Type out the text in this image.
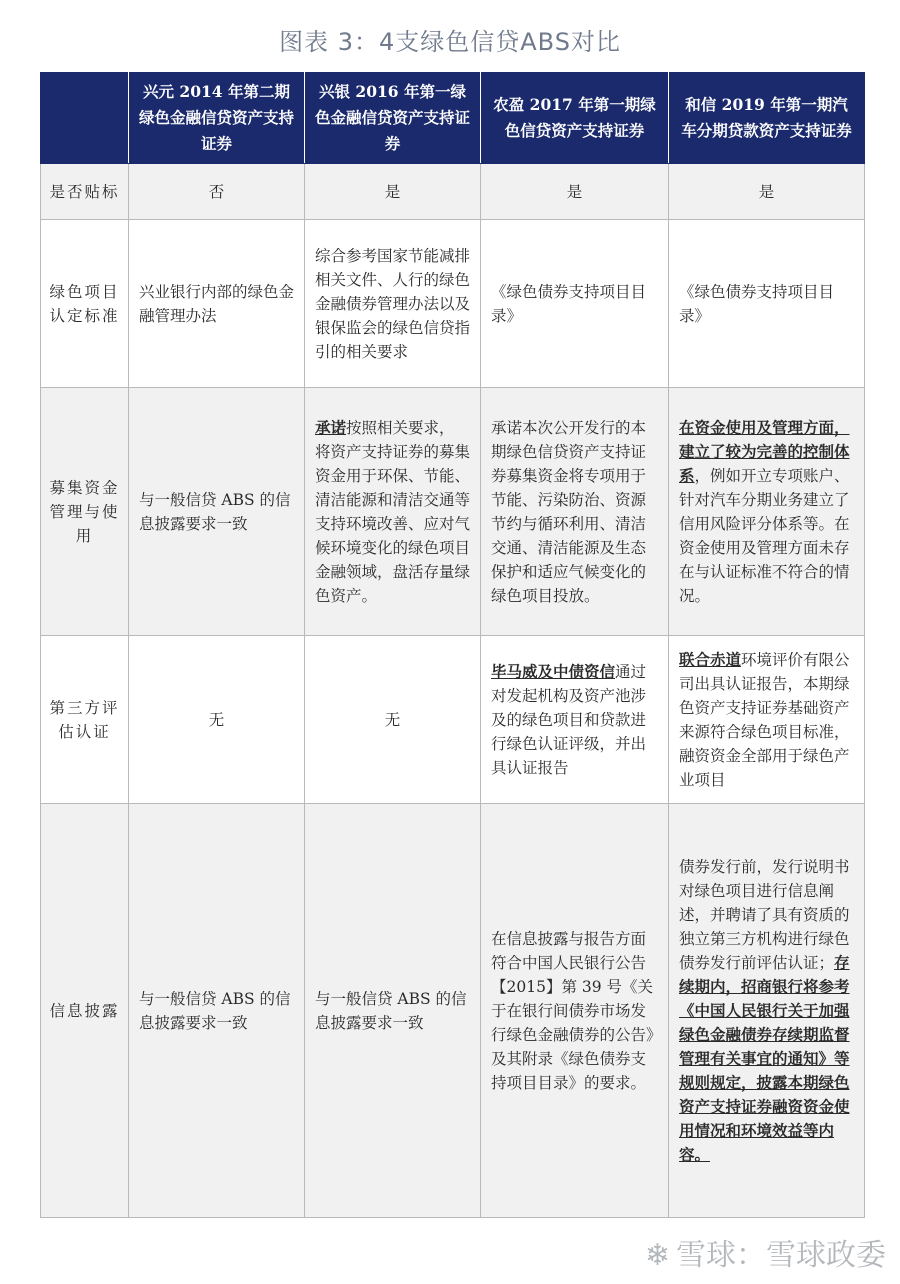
图表 3：4支绿色信贷ABS对比
	兴元 2014 年第二期绿色金融信贷资产支持证券	兴银 2016 年第一绿色金融信贷资产支持证券	农盈 2017 年第一期绿色信贷资产支持证券	和信 2019 年第一期汽车分期贷款资产支持证券
是否贴标	否	是	是	是
绿色项目认定标准	兴业银行内部的绿色金融管理办法	综合参考国家节能减排相关文件、人行的绿色金融债券管理办法以及银保监会的绿色信贷指引的相关要求	《绿色债券支持项目目录》	《绿色债券支持项目目录》
募集资金管理与使用	与一般信贷 ABS 的信息披露要求一致	承诺按照相关要求，将资产支持证券的募集资金用于环保、节能、清洁能源和清洁交通等支持环境改善、应对气候环境变化的绿色项目金融领域，盘活存量绿色资产。	承诺本次公开发行的本期绿色信贷资产支持证券募集资金将专项用于节能、污染防治、资源节约与循环利用、清洁交通、清洁能源及生态保护和适应气候变化的绿色项目投放。	在资金使用及管理方面，建立了较为完善的控制体系，例如开立专项账户、针对汽车分期业务建立了信用风险评分体系等。在资金使用及管理方面未存在与认证标准不符合的情况。
第三方评估认证	无	无	毕马威及中债资信通过对发起机构及资产池涉及的绿色项目和贷款进行绿色认证评级，并出具认证报告	联合赤道环境评价有限公司出具认证报告，本期绿色资产支持证券基础资产来源符合绿色项目标准，融资资金全部用于绿色产业项目
信息披露	与一般信贷 ABS 的信息披露要求一致	与一般信贷 ABS 的信息披露要求一致	在信息披露与报告方面符合中国人民银行公告【2015】第 39 号《关于在银行间债券市场发行绿色金融债券的公告》及其附录《绿色债券支持项目目录》的要求。	债券发行前，发行说明书对绿色项目进行信息阐述，并聘请了具有资质的独立第三方机构进行绿色债券发行前评估认证；存续期内，招商银行将参考《中国人民银行关于加强绿色金融债券存续期监督管理有关事宜的通知》等规则规定，披露本期绿色资产支持证券融资资金使用情况和环境效益等内容。
❄ 雪球：雪球政委
